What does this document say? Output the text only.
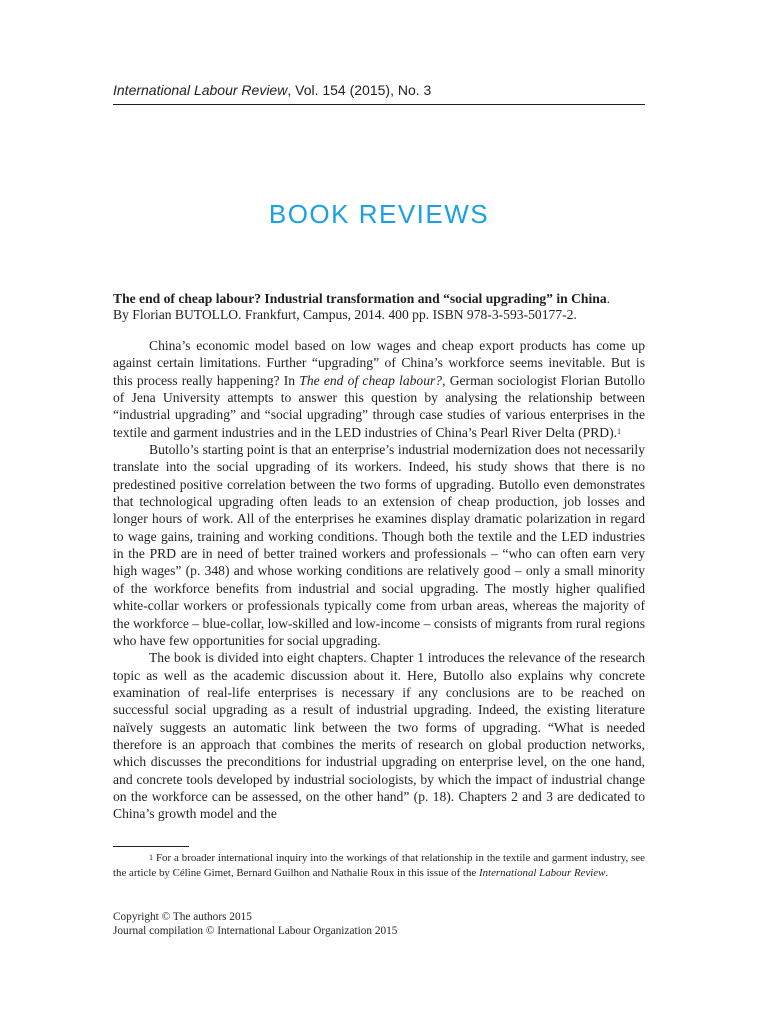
International Labour Review, Vol. 154 (2015), No. 3
BOOK REVIEWS
The end of cheap labour? Industrial transformation and “social upgrading” in China.
By Florian BUTOLLO. Frankfurt, Campus, 2014. 400 pp. ISBN 978-3-593-50177-2.

China’s economic model based on low wages and cheap export products has come up against certain limitations. Further “upgrading” of China’s workforce seems inevitable. But is this process really happening? In The end of cheap labour?, German sociologist Florian Butollo of Jena University attempts to answer this question by analysing the relationship between “industrial upgrading” and “social upgrading” through case studies of various enterprises in the textile and garment industries and in the LED industries of China’s Pearl River Delta (PRD).$^1$

Butollo’s starting point is that an enterprise’s industrial modernization does not necessarily translate into the social upgrading of its workers. Indeed, his study shows that there is no predestined positive correlation between the two forms of upgrading. Butollo even demonstrates that technological upgrading often leads to an extension of cheap production, job losses and longer hours of work. All of the enterprises he examines display dramatic polarization in regard to wage gains, training and working conditions. Though both the textile and the LED industries in the PRD are in need of better trained workers and professionals – “who can often earn very high wages” (p. 348) and whose working conditions are relatively good – only a small minority of the workforce benefits from industrial and social upgrading. The mostly higher qualified white-collar workers or professionals typically come from urban areas, whereas the majority of the workforce – blue-collar, low-skilled and low-income – consists of migrants from rural regions who have few opportunities for social upgrading.

The book is divided into eight chapters. Chapter 1 introduces the relevance of the research topic as well as the academic discussion about it. Here, Butollo also explains why concrete examination of real-life enterprises is necessary if any conclusions are to be reached on successful social upgrading as a result of industrial upgrading. Indeed, the existing literature naïvely suggests an automatic link between the two forms of upgrading. “What is needed therefore is an approach that combines the merits of research on global production networks, which discusses the preconditions for industrial upgrading on enterprise level, on the one hand, and concrete tools developed by industrial sociologists, by which the impact of industrial change on the workforce can be assessed, on the other hand” (p. 18). Chapters 2 and 3 are dedicated to China’s growth model and the

$^1$ For a broader international inquiry into the workings of that relationship in the textile and garment industry, see the article by Céline Gimet, Bernard Guilhon and Nathalie Roux in this issue of the International Labour Review.
Copyright © The authors 2015
Journal compilation © International Labour Organization 2015
